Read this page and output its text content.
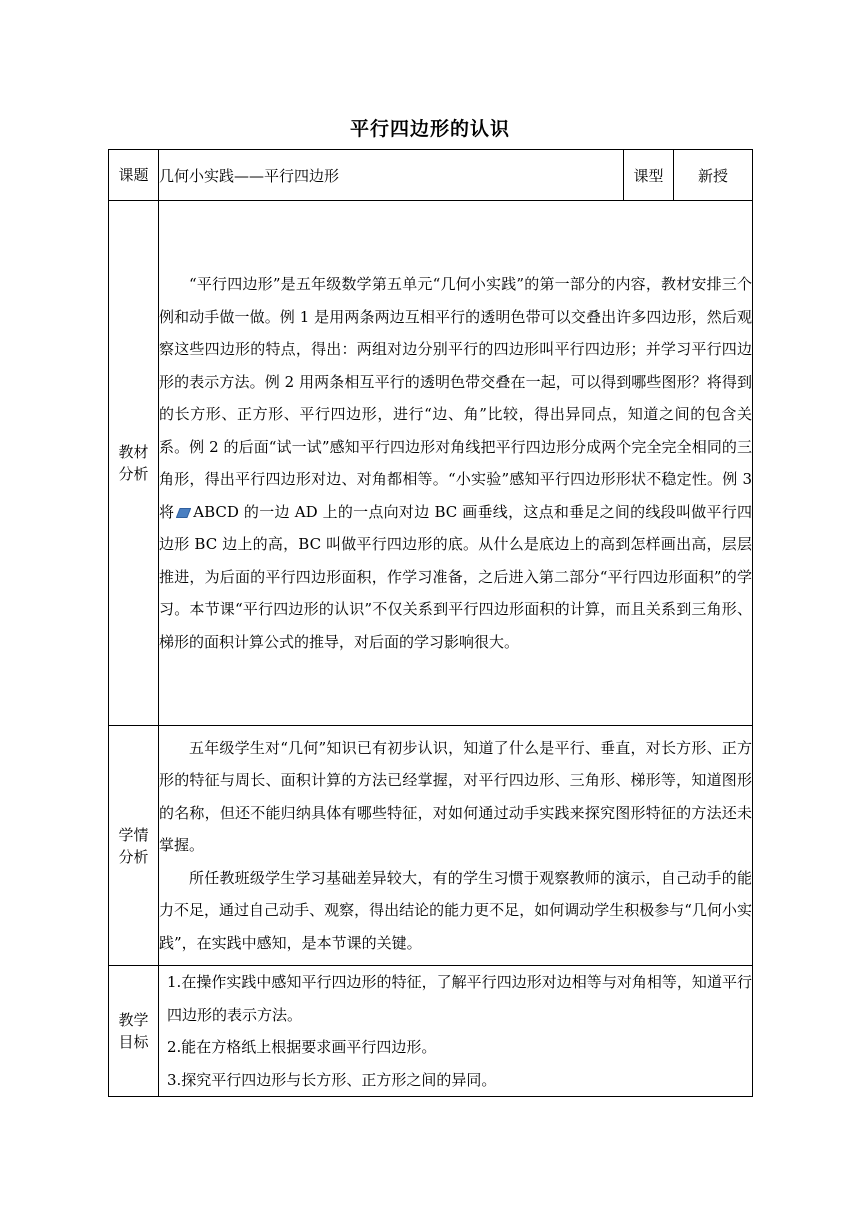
平行四边形的认识
课题	几何小实践——平行四边形	课型	新授

教材分析	“平行四边形”是五年级数学第五单元“几何小实践”的第一部分的内容，教材安排三个例和动手做一做。例 1 是用两条两边互相平行的透明色带可以交叠出许多四边形，然后观察这些四边形的特点，得出：两组对边分别平行的四边形叫平行四边形；并学习平行四边形的表示方法。例 2 用两条相互平行的透明色带交叠在一起，可以得到哪些图形？将得到的长方形、正方形、平行四边形，进行“边、角”比较，得出异同点，知道之间的包含关系。例 2 的后面“试一试”感知平行四边形对角线把平行四边形分成两个完全完全相同的三角形，得出平行四边形对边、对角都相等。“小实验”感知平行四边形形状不稳定性。例 3 将 ABCD 的一边 AD 上的一点向对边 BC 画垂线，这点和垂足之间的线段叫做平行四边形 BC 边上的高，BC 叫做平行四边形的底。从什么是底边上的高到怎样画出高，层层推进，为后面的平行四边形面积，作学习准备，之后进入第二部分“平行四边形面积”的学习。本节课“平行四边形的认识”不仅关系到平行四边形面积的计算，而且关系到三角形、梯形的面积计算公式的推导，对后面的学习影响很大。		

学情分析	五年级学生对“几何”知识已有初步认识，知道了什么是平行、垂直，对长方形、正方形的特征与周长、面积计算的方法已经掌握，对平行四边形、三角形、梯形等，知道图形的名称，但还不能归纳具体有哪些特征，对如何通过动手实践来探究图形特征的方法还未掌握。

所任教班级学生学习基础差异较大，有的学生习惯于观察教师的演示，自己动手的能力不足，通过自己动手、观察，得出结论的能力更不足，如何调动学生积极参与“几何小实践”，在实践中感知，是本节课的关键。		

教学目标	1.在操作实践中感知平行四边形的特征，了解平行四边形对边相等与对角相等，知道平行四边形的表示方法。

2.能在方格纸上根据要求画平行四边形。

3.探究平行四边形与长方形、正方形之间的异同。		
